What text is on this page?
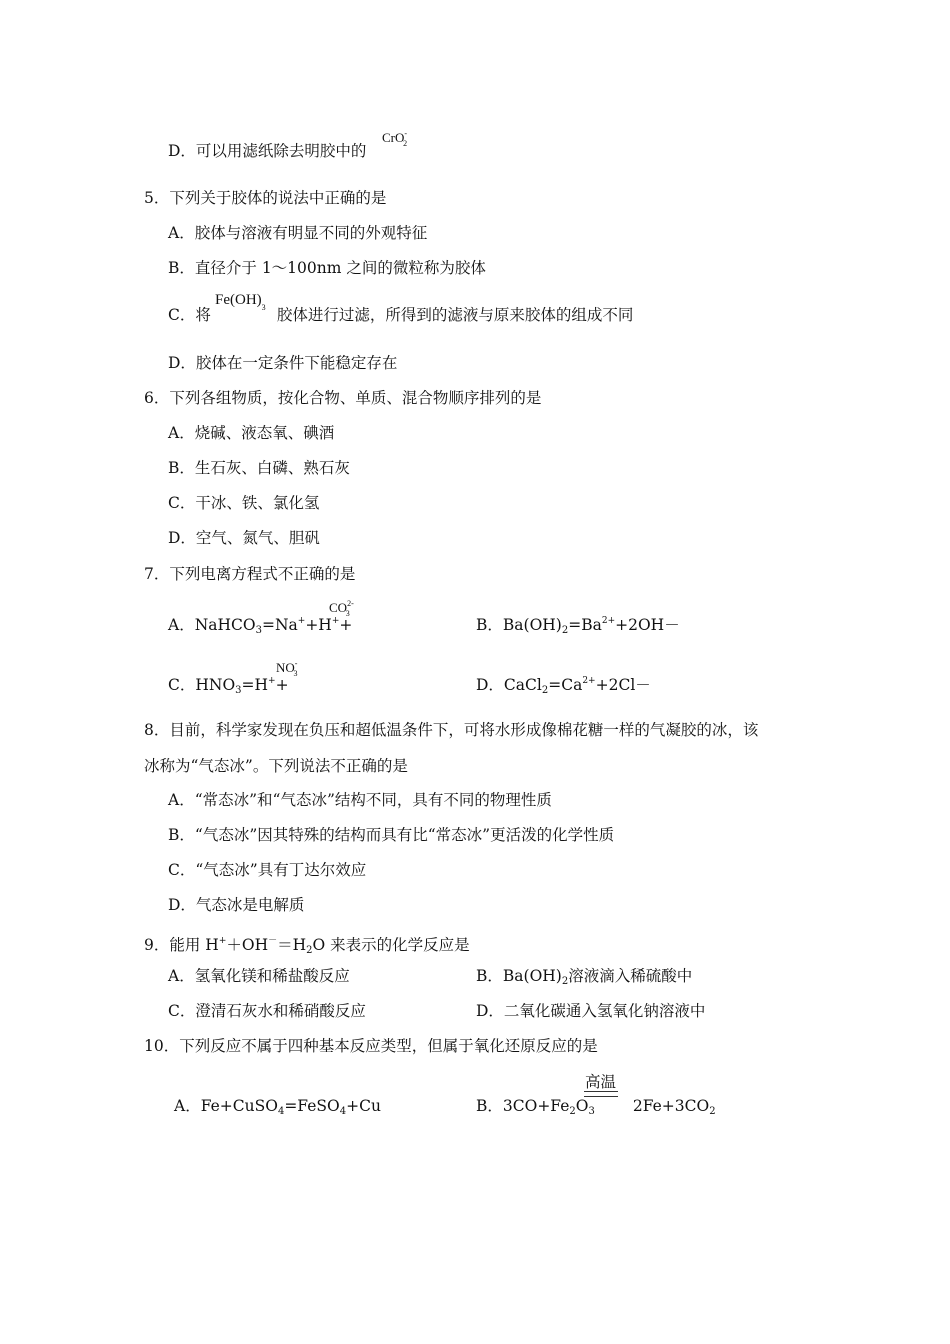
D．可以用滤纸除去明胶中的
CrO-$_2$
5．下列关于胶体的说法中正确的是
A．胶体与溶液有明显不同的外观特征
B．直径介于 1～100nm 之间的微粒称为胶体
C．将	胶体进行过滤，所得到的滤液与原来胶体的组成不同
$Fe(OH)_3$
D．胶体在一定条件下能稳定存在
6．下列各组物质，按化合物、单质、混合物顺序排列的是
A．烧碱、液态氧、碘酒
B．生石灰、白磷、熟石灰
C．干冰、铁、氯化氢
D．空气、氮气、胆矾
7．下列电离方程式不正确的是
A．NaHCO$_3$=Na++H++
$CO^{2-}_3$
B．$Ba(OH)_2=Ba^{2+}+2OH-$
C．$HNO_3=H^++$
$NO^-_3$
D．$CaCl_2=Ca^{2+}+2Cl-$
8．目前，科学家发现在负压和超低温条件下，可将水形成像棉花糖一样的气凝胶的冰，该
冰称为“气态冰”。下列说法不正确的是
A．“常态冰”和“气态冰”结构不同，具有不同的物理性质
B．“气态冰”因其特殊的结构而具有比“常态冰”更活泼的化学性质
C．“气态冰”具有丁达尔效应
D．气态冰是电解质
9．能用 $H^++OH^-=H_2O$ 来表示的化学反应是
A．氢氧化镁和稀盐酸反应	B．$Ba(OH)_2$溶液滴入稀硫酸中
C．澄清石灰水和稀硝酸反应	D．二氧化碳通入氢氧化钠溶液中
10．下列反应不属于四种基本反应类型，但属于氧化还原反应的是
A．Fe+CuSO$_4$=FeSO$_4$+Cu	B．$3CO+Fe_2O_3$ $2Fe+3CO_2$
高温
